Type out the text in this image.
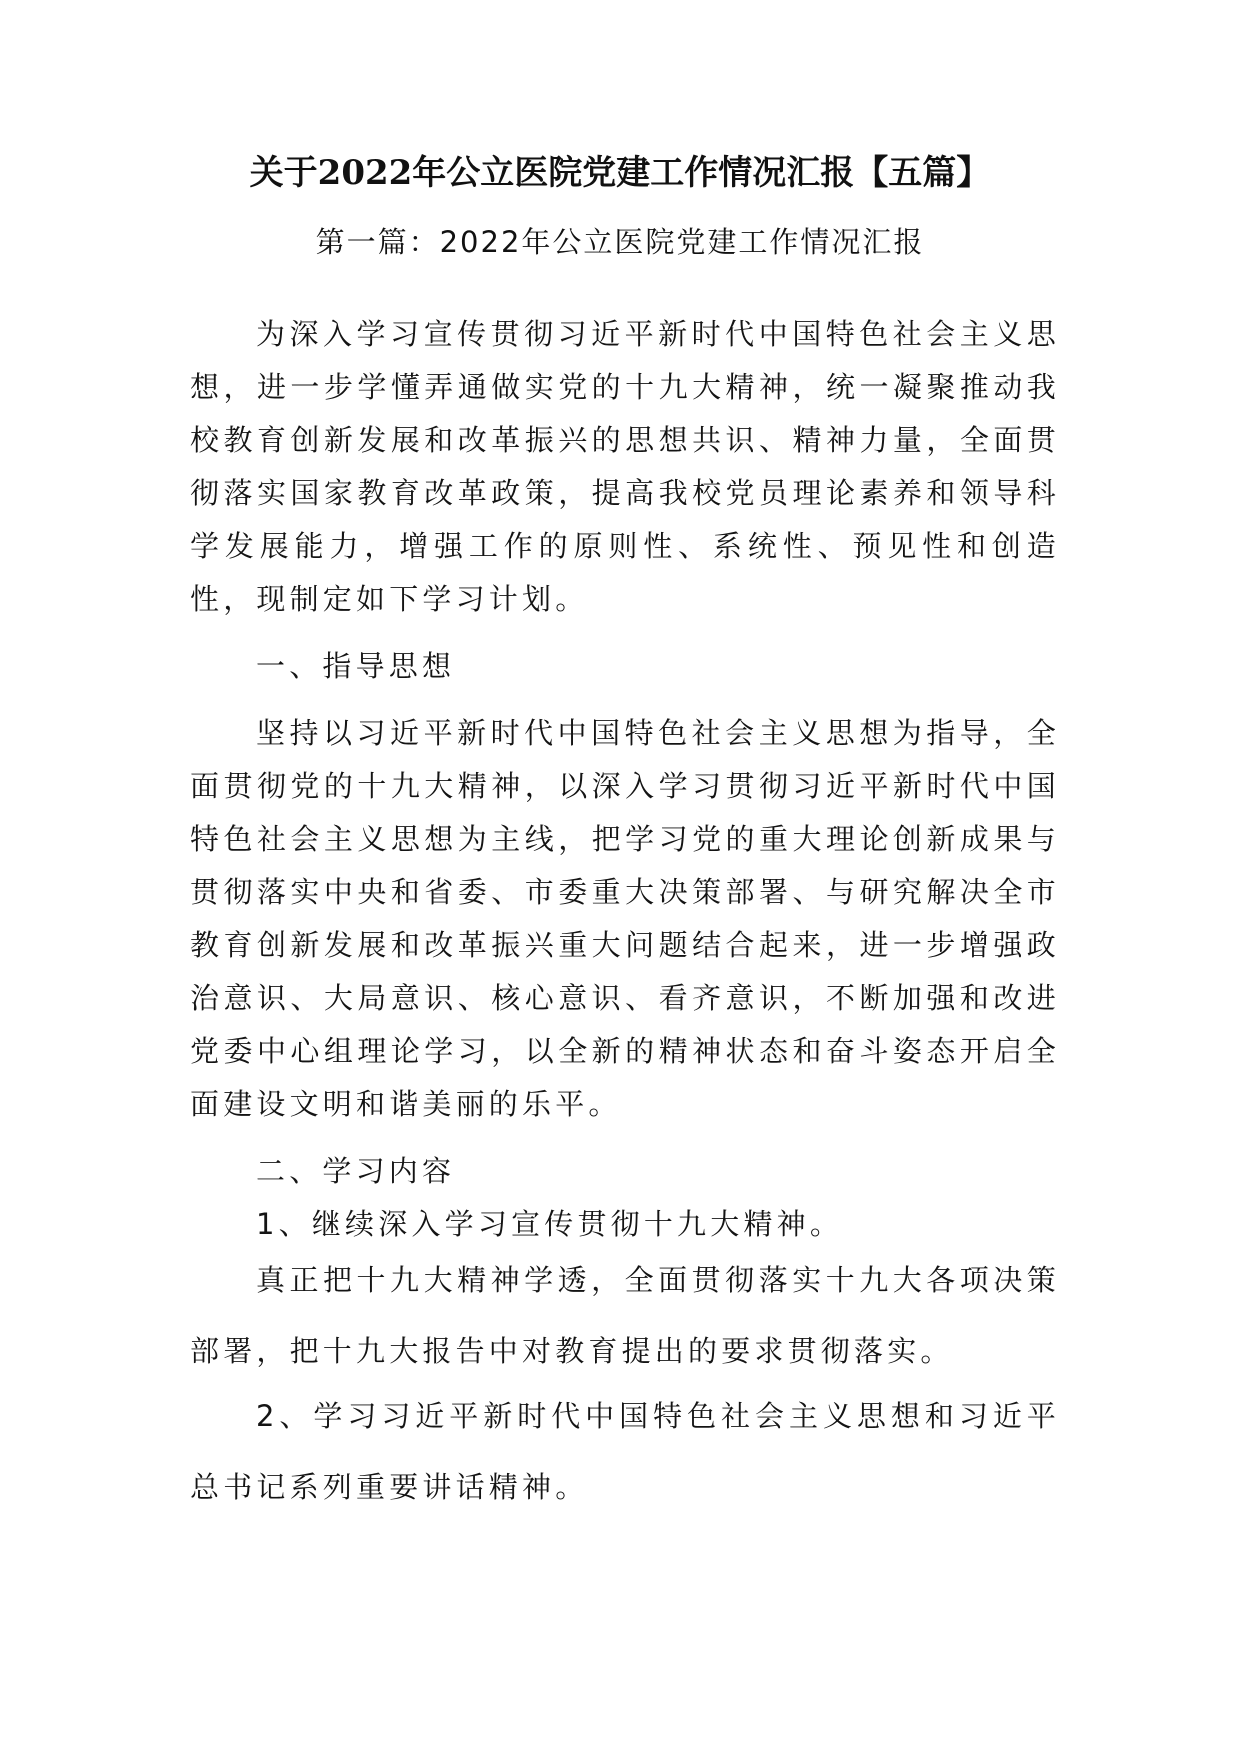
关于2022年公立医院党建工作情况汇报【五篇】
第一篇：2022年公立医院党建工作情况汇报

为深入学习宣传贯彻习近平新时代中国特色社会主义思想，进一步学懂弄通做实党的十九大精神，统一凝聚推动我校教育创新发展和改革振兴的思想共识、精神力量，全面贯彻落实国家教育改革政策，提高我校党员理论素养和领导科学发展能力，增强工作的原则性、系统性、预见性和创造性，现制定如下学习计划。

一、指导思想

坚持以习近平新时代中国特色社会主义思想为指导，全面贯彻党的十九大精神，以深入学习贯彻习近平新时代中国特色社会主义思想为主线，把学习党的重大理论创新成果与贯彻落实中央和省委、市委重大决策部署、与研究解决全市教育创新发展和改革振兴重大问题结合起来，进一步增强政治意识、大局意识、核心意识、看齐意识，不断加强和改进党委中心组理论学习，以全新的精神状态和奋斗姿态开启全面建设文明和谐美丽的乐平。

二、学习内容

1、继续深入学习宣传贯彻十九大精神。

真正把十九大精神学透，全面贯彻落实十九大各项决策部署，把十九大报告中对教育提出的要求贯彻落实。

2、学习习近平新时代中国特色社会主义思想和习近平总书记系列重要讲话精神。
